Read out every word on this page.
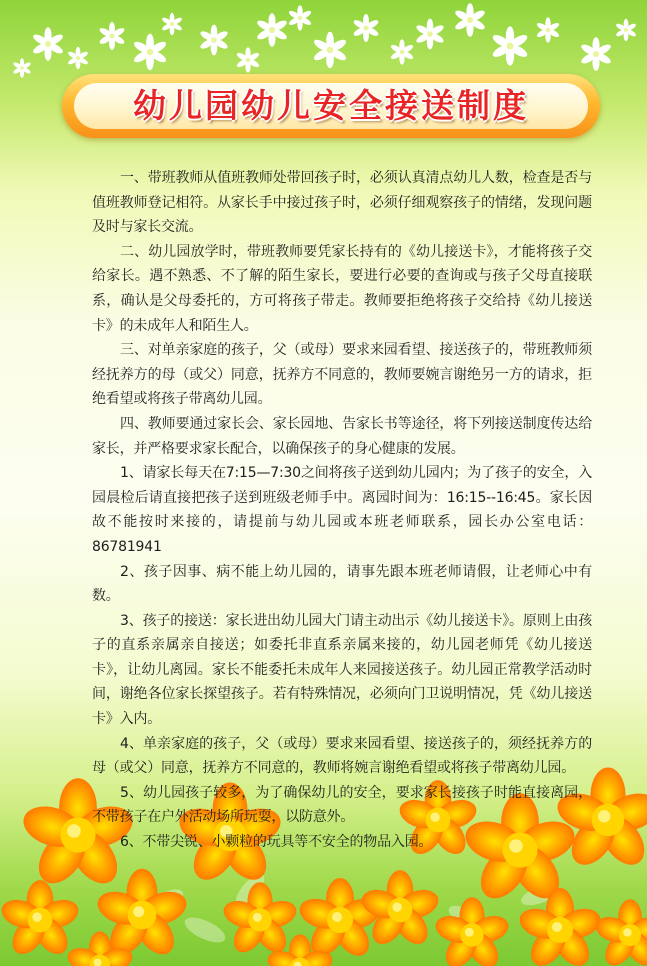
幼儿园幼儿安全接送制度

一、带班教师从值班教师处带回孩子时，必须认真清点幼儿人数，检查是否与值班教师登记相符。从家长手中接过孩子时，必须仔细观察孩子的情绪，发现问题及时与家长交流。

二、幼儿园放学时，带班教师要凭家长持有的《幼儿接送卡》，才能将孩子交给家长。遇不熟悉、不了解的陌生家长，要进行必要的查询或与孩子父母直接联系，确认是父母委托的，方可将孩子带走。教师要拒绝将孩子交给持《幼儿接送卡》的未成年人和陌生人。

三、对单亲家庭的孩子，父（或母）要求来园看望、接送孩子的，带班教师须经抚养方的母（或父）同意，抚养方不同意的，教师要婉言谢绝另一方的请求，拒绝看望或将孩子带离幼儿园。

四、教师要通过家长会、家长园地、告家长书等途径，将下列接送制度传达给家长，并严格要求家长配合，以确保孩子的身心健康的发展。

1、请家长每天在7:15—7:30之间将孩子送到幼儿园内；为了孩子的安全，入园晨检后请直接把孩子送到班级老师手中。离园时间为：16:15--16:45。家长因故不能按时来接的，请提前与幼儿园或本班老师联系，园长办公室电话：86781941

2、孩子因事、病不能上幼儿园的，请事先跟本班老师请假，让老师心中有数。

3、孩子的接送：家长进出幼儿园大门请主动出示《幼儿接送卡》。原则上由孩子的直系亲属亲自接送；如委托非直系亲属来接的，幼儿园老师凭《幼儿接送卡》，让幼儿离园。家长不能委托未成年人来园接送孩子。幼儿园正常教学活动时间，谢绝各位家长探望孩子。若有特殊情况，必须向门卫说明情况，凭《幼儿接送卡》入内。

4、单亲家庭的孩子，父（或母）要求来园看望、接送孩子的，须经抚养方的母（或父）同意，抚养方不同意的，教师将婉言谢绝看望或将孩子带离幼儿园。

5、幼儿园孩子较多，为了确保幼儿的安全，要求家长接孩子时能直接离园，不带孩子在户外活动场所玩耍，以防意外。

6、不带尖锐、小颗粒的玩具等不安全的物品入园。
